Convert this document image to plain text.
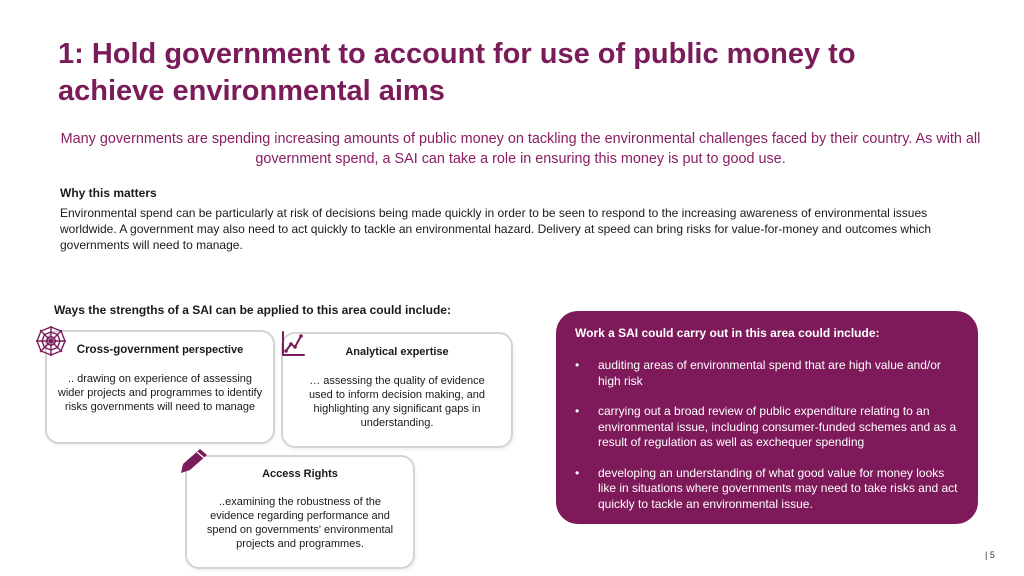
1: Hold government to account for use of public money to achieve environmental aims
Many governments are spending increasing amounts of public money on tackling the environmental challenges faced by their country. As with all government spend, a SAI can take a role in ensuring this money is put to good use.
Why this matters
Environmental spend can be particularly at risk of decisions being made quickly in order to be seen to respond to the increasing awareness of environmental issues worldwide. A government may also need to act quickly to tackle an environmental hazard. Delivery at speed can bring risks for value-for-money and outcomes which governments will need to manage.
Ways the strengths of a SAI can be applied to this area could include:
Cross-government perspective
.. drawing on experience of assessing wider projects and programmes to identify risks governments will need to manage
Analytical expertise
… assessing the quality of evidence used to inform decision making, and highlighting any significant gaps in understanding.
Access Rights
..examining the robustness of the evidence regarding performance and spend on governments' environmental projects and programmes.
Work a SAI could carry out in this area could include:
• auditing areas of environmental spend that are high value and/or high risk
• carrying out a broad review of public expenditure relating to an environmental issue, including consumer-funded schemes and as a result of regulation as well as exchequer spending
• developing an understanding of what good value for money looks like in situations where governments may need to take risks and act quickly to tackle an environmental issue.
| 5
